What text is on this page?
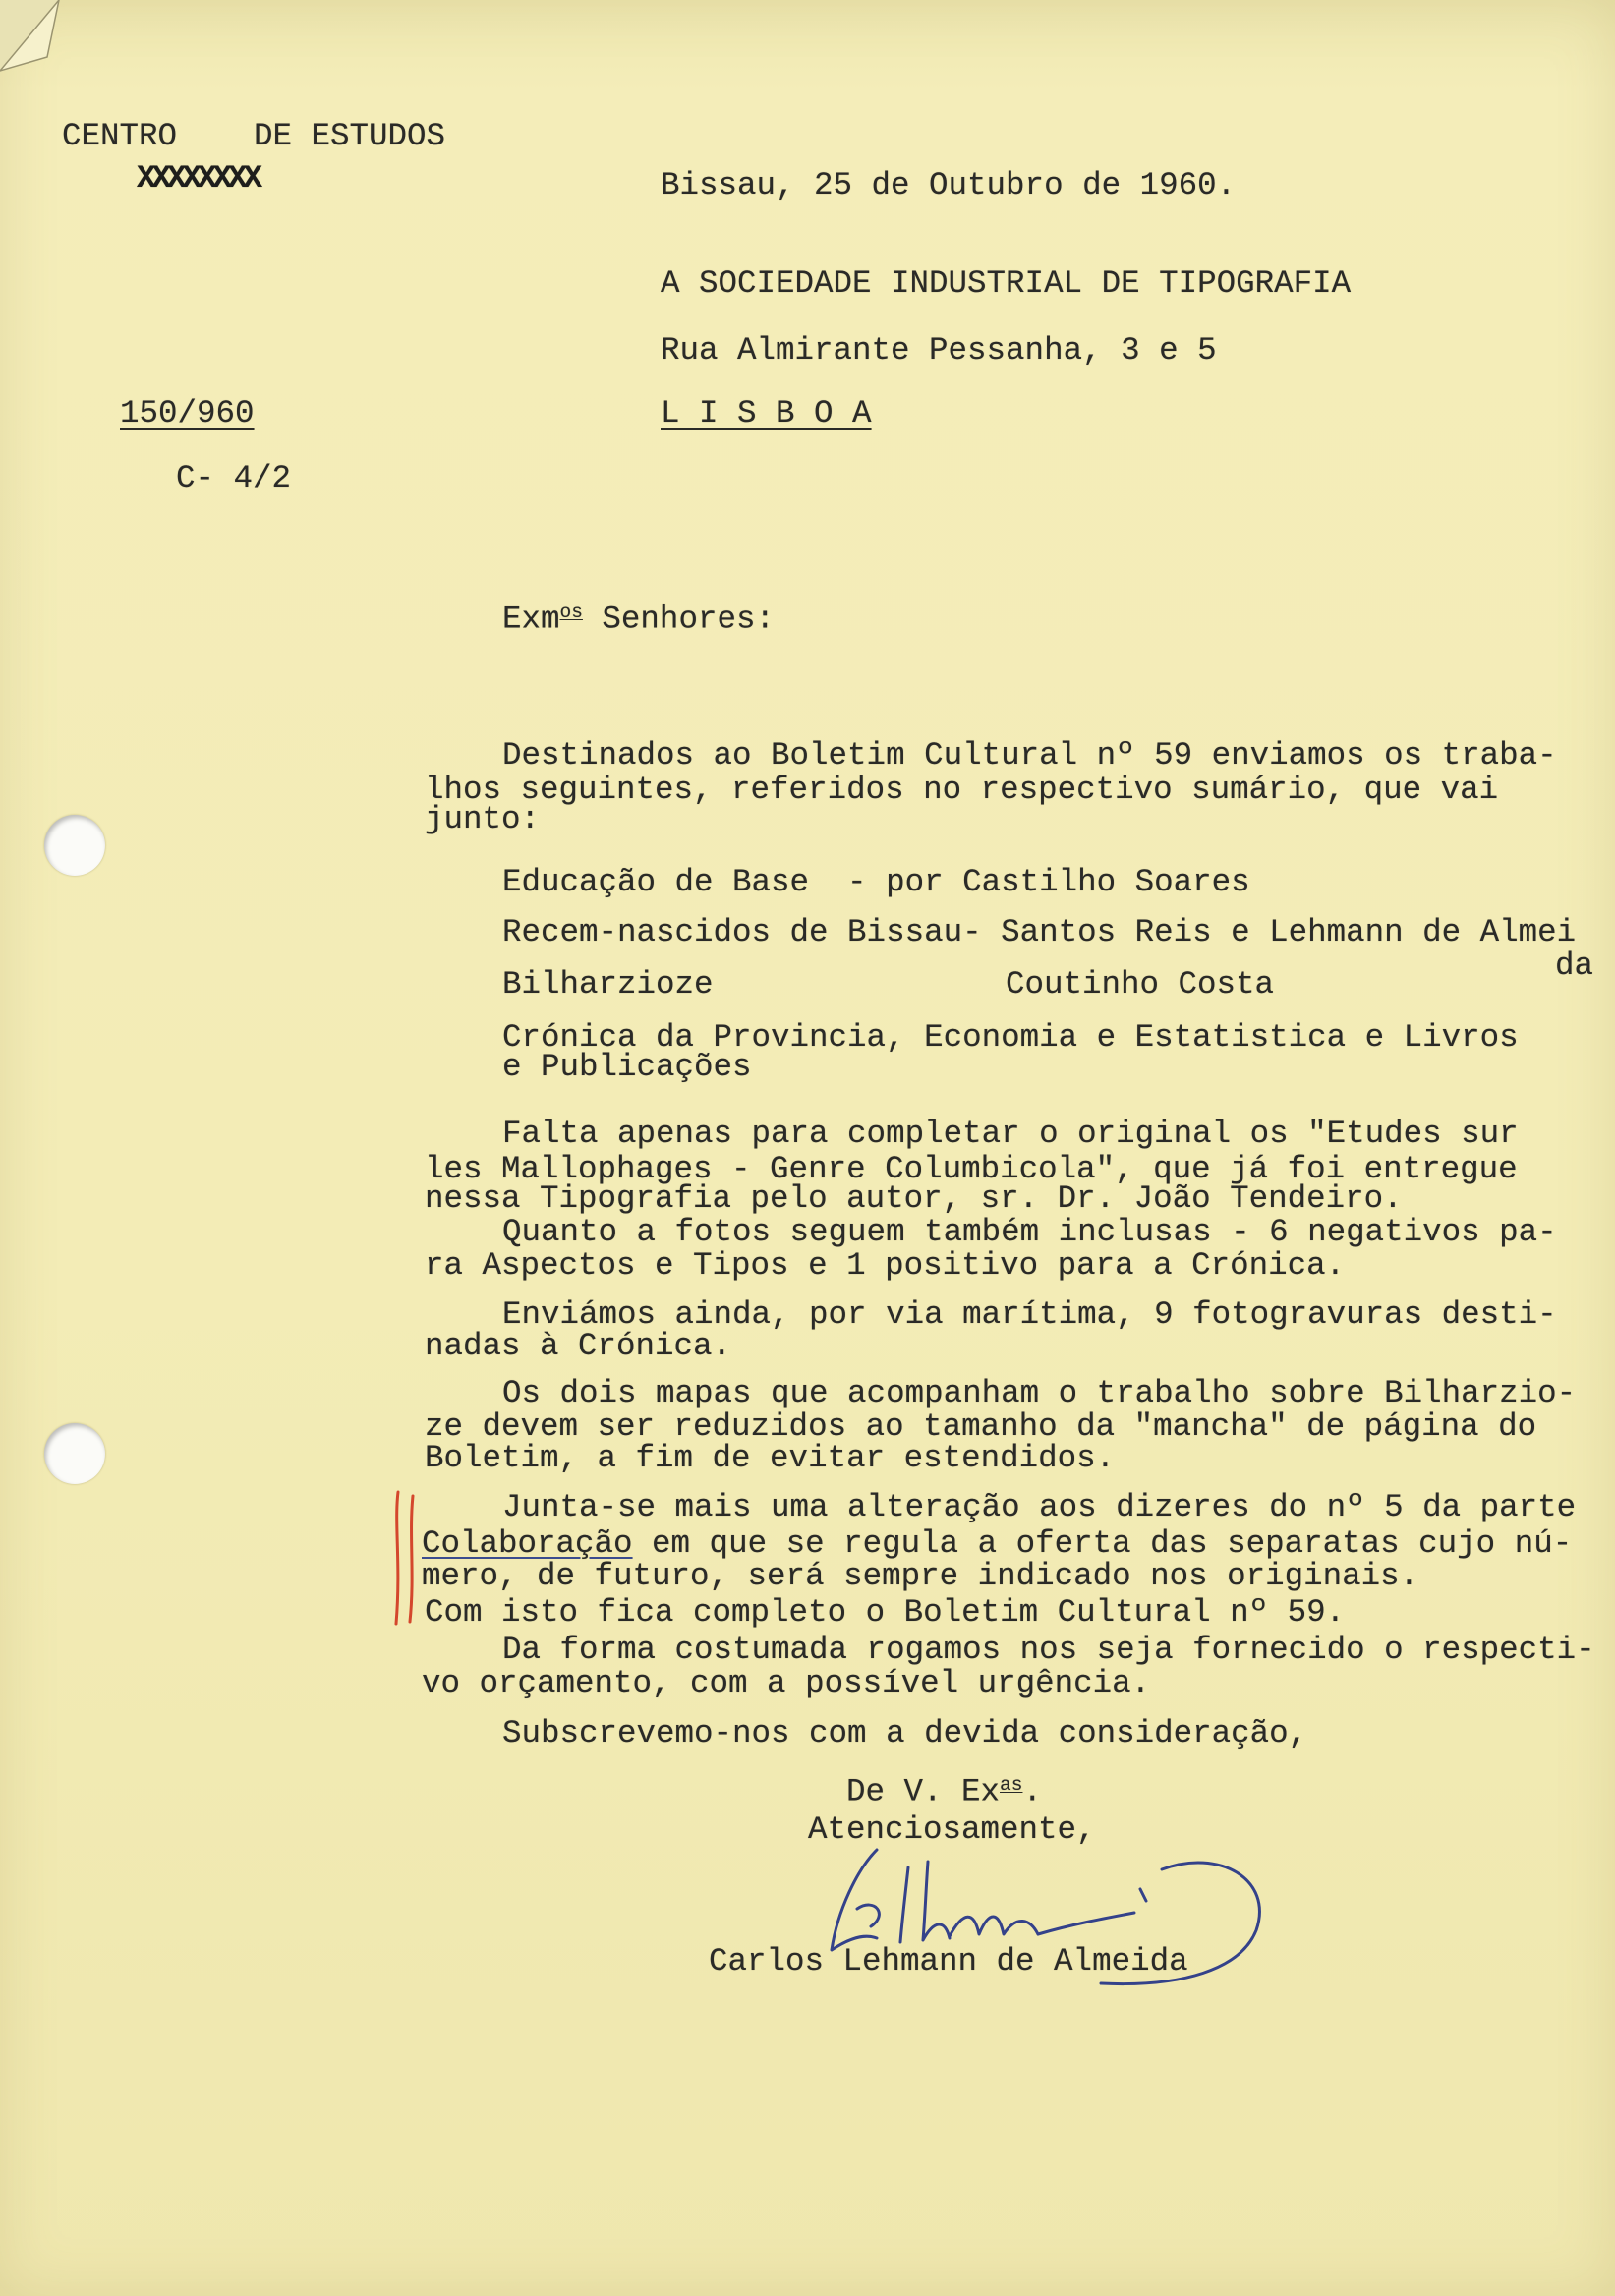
CENTRO    DE ESTUDOS
XXXXXXXX
150/960
C- 4/2
Bissau, 25 de Outubro de 1960.
A SOCIEDADE INDUSTRIAL DE TIPOGRAFIA
Rua Almirante Pessanha, 3 e 5
L I S B O A
Exm$^{os}$ Senhores:
Destinados ao Boletim Cultural nº 59 enviamos os traba-
lhos seguintes, referidos no respectivo sumário, que vai
junto:
Educação de Base  - por Castilho Soares
Recem-nascidos de Bissau- Santos Reis e Lehmann de Almei
da
Bilharzioze	Coutinho Costa
Crónica da Provincia, Economia e Estatistica e Livros
e Publicações
Falta apenas para completar o original os "Etudes sur
les Mallophages - Genre Columbicola", que já foi entregue
nessa Tipografia pelo autor, sr. Dr. João Tendeiro.
Quanto a fotos seguem também inclusas - 6 negativos pa-
ra Aspectos e Tipos e 1 positivo para a Crónica.
Enviámos ainda, por via marítima, 9 fotogravuras desti-
nadas à Crónica.
Os dois mapas que acompanham o trabalho sobre Bilharzio-
ze devem ser reduzidos ao tamanho da "mancha" de página do
Boletim, a fim de evitar estendidos.
Junta-se mais uma alteração aos dizeres do nº 5 da parte
Colaboração em que se regula a oferta das separatas cujo nú-
mero, de futuro, será sempre indicado nos originais.
Com isto fica completo o Boletim Cultural nº 59.
Da forma costumada rogamos nos seja fornecido o respecti-
vo orçamento, com a possível urgência.
Subscrevemo-nos com a devida consideração,
De V. $Ex^{as}$.
Atenciosamente,
Carlos Lehmann de Almeida
